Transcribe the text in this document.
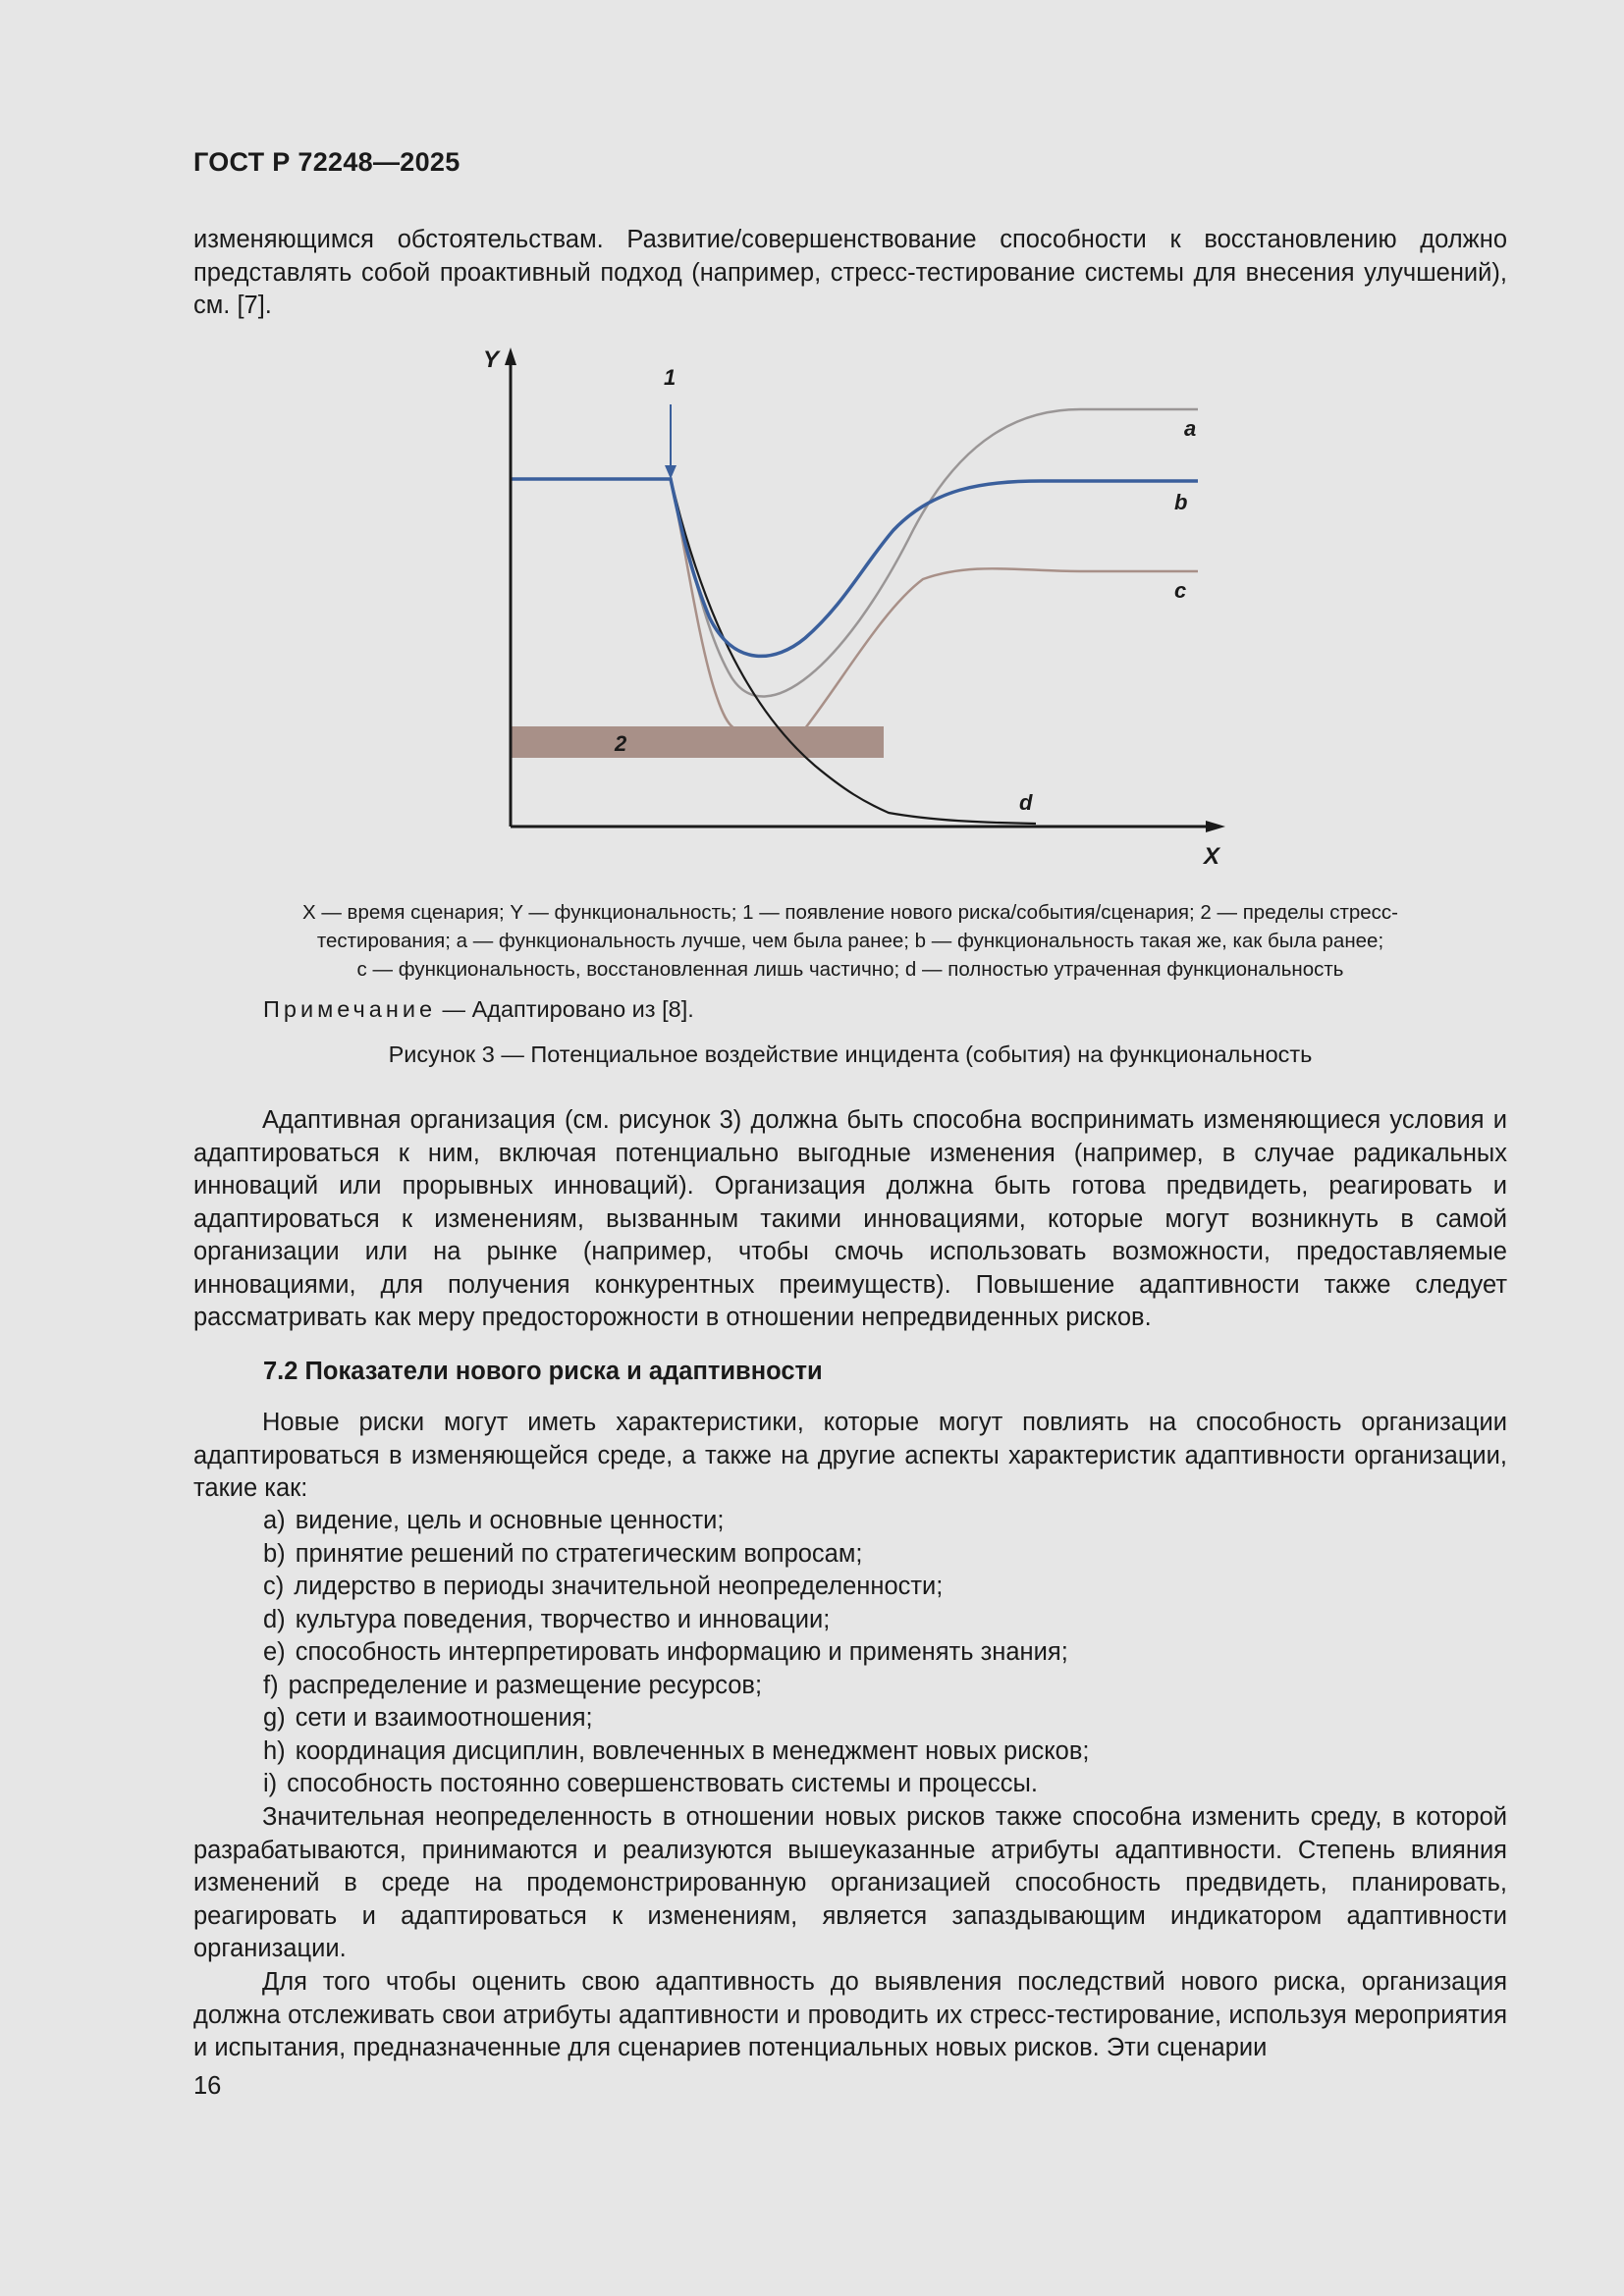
ГОСТ Р 72248—2025

изменяющимся обстоятельствам. Развитие/совершенствование способности к восстановлению должно представлять собой проактивный подход (например, стресс-тестирование системы для внесения улучшений), см. [7].

Y
X
1
2
a
b
c
d

X — время сценария; Y — функциональность; 1 — появление нового риска/события/сценария; 2 — пределы стресс-тестирования; a — функциональность лучше, чем была ранее; b — функциональность такая же, как была ранее;
c — функциональность, восстановленная лишь частично; d — полностью утраченная функциональность

Примечание — Адаптировано из [8].
Рисунок 3 — Потенциальное воздействие инцидента (события) на функциональность

Адаптивная организация (см. рисунок 3) должна быть способна воспринимать изменяющиеся условия и адаптироваться к ним, включая потенциально выгодные изменения (например, в случае радикальных инноваций или прорывных инноваций). Организация должна быть готова предвидеть, реагировать и адаптироваться к изменениям, вызванным такими инновациями, которые могут возникнуть в самой организации или на рынке (например, чтобы смочь использовать возможности, предоставляемые инновациями, для получения конкурентных преимуществ). Повышение адаптивности также следует рассматривать как меру предосторожности в отношении непредвиденных рисков.

7.2 Показатели нового риска и адаптивности

Новые риски могут иметь характеристики, которые могут повлиять на способность организации адаптироваться в изменяющейся среде, а также на другие аспекты характеристик адаптивности организации, такие как:

a) видение, цель и основные ценности;
b) принятие решений по стратегическим вопросам;
c) лидерство в периоды значительной неопределенности;
d) культура поведения, творчество и инновации;
e) способность интерпретировать информацию и применять знания;
f) распределение и размещение ресурсов;
g) сети и взаимоотношения;
h) координация дисциплин, вовлеченных в менеджмент новых рисков;
i) способность постоянно совершенствовать системы и процессы.

Значительная неопределенность в отношении новых рисков также способна изменить среду, в которой разрабатываются, принимаются и реализуются вышеуказанные атрибуты адаптивности. Степень влияния изменений в среде на продемонстрированную организацией способность предвидеть, планировать, реагировать и адаптироваться к изменениям, является запаздывающим индикатором адаптивности организации.

Для того чтобы оценить свою адаптивность до выявления последствий нового риска, организация должна отслеживать свои атрибуты адаптивности и проводить их стресс-тестирование, используя мероприятия и испытания, предназначенные для сценариев потенциальных новых рисков. Эти сценарии

16
